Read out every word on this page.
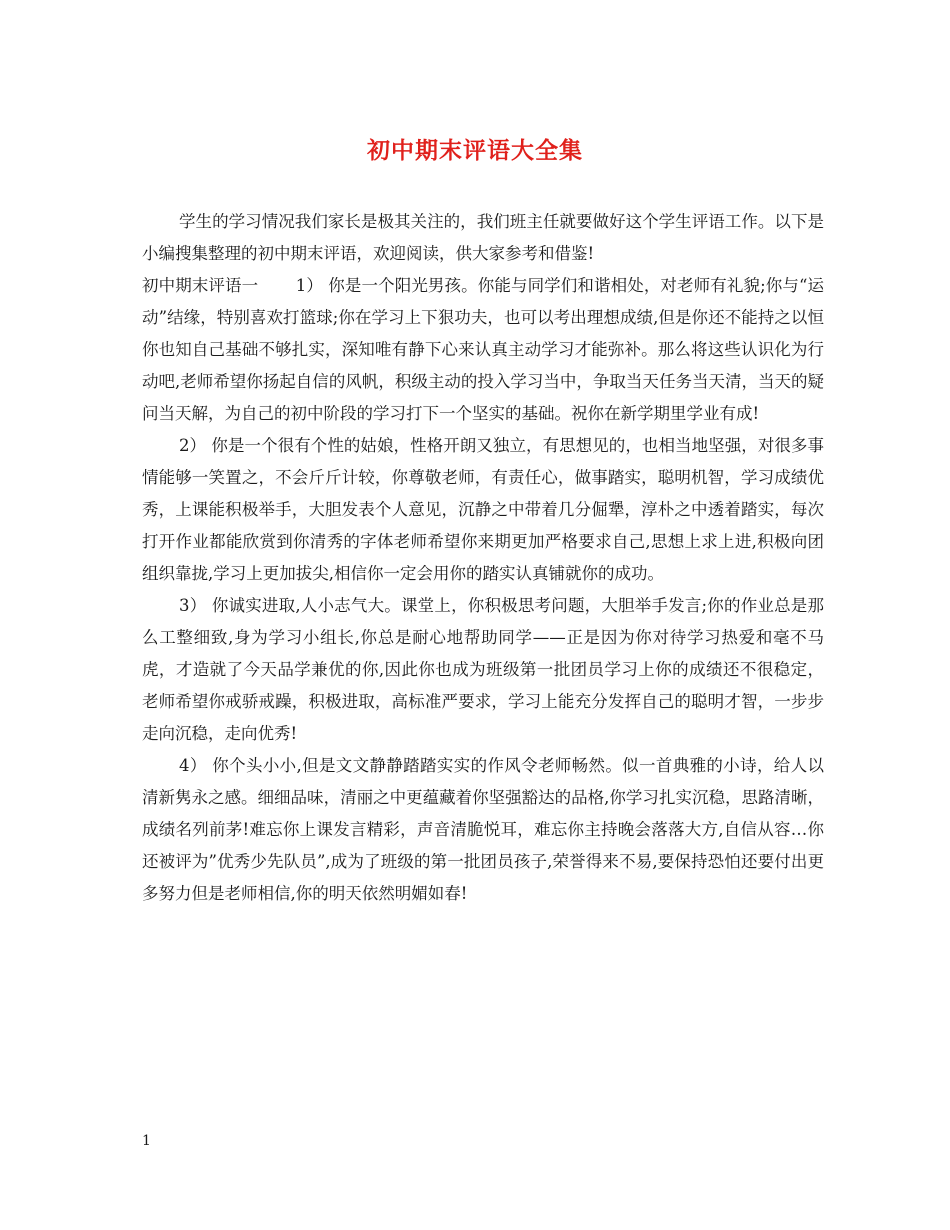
初中期末评语大全集

学生的学习情况我们家长是极其关注的，我们班主任就要做好这个学生评语工作。以下是小编搜集整理的初中期末评语，欢迎阅读，供大家参考和借鉴!

初中期末评语一 1） 你是一个阳光男孩。你能与同学们和谐相处，对老师有礼貌;你与“运动”结缘，特别喜欢打篮球;你在学习上下狠功夫，也可以考出理想成绩,但是你还不能持之以恒 你也知自己基础不够扎实，深知唯有静下心来认真主动学习才能弥补。那么将这些认识化为行动吧,老师希望你扬起自信的风帆，积级主动的投入学习当中，争取当天任务当天清，当天的疑问当天解，为自己的初中阶段的学习打下一个坚实的基础。祝你在新学期里学业有成!

2） 你是一个很有个性的姑娘，性格开朗又独立，有思想见的，也相当地坚强，对很多事情能够一笑置之，不会斤斤计较，你尊敬老师，有责任心，做事踏实，聪明机智，学习成绩优秀，上课能积极举手，大胆发表个人意见，沉静之中带着几分倔犟，淳朴之中透着踏实，每次打开作业都能欣赏到你清秀的字体老师希望你来期更加严格要求自己,思想上求上进,积极向团组织靠拢,学习上更加拔尖,相信你一定会用你的踏实认真铺就你的成功。

3） 你诚实进取,人小志气大。课堂上，你积极思考问题，大胆举手发言;你的作业总是那么工整细致,身为学习小组长,你总是耐心地帮助同学——正是因为你对待学习热爱和毫不马虎，才造就了今天品学兼优的你,因此你也成为班级第一批团员学习上你的成绩还不很稳定， 老师希望你戒骄戒躁，积极进取，高标准严要求，学习上能充分发挥自己的聪明才智，一步步走向沉稳，走向优秀!

4） 你个头小小,但是文文静静踏踏实实的作风令老师畅然。似一首典雅的小诗，给人以清新隽永之感。细细品味，清丽之中更蕴藏着你坚强豁达的品格,你学习扎实沉稳，思路清晰，成绩名列前茅!难忘你上课发言精彩，声音清脆悦耳，难忘你主持晚会落落大方,自信从容…你还被评为”优秀少先队员”,成为了班级的第一批团员孩子,荣誉得来不易,要保持恐怕还要付出更多努力但是老师相信,你的明天依然明媚如春!

1
